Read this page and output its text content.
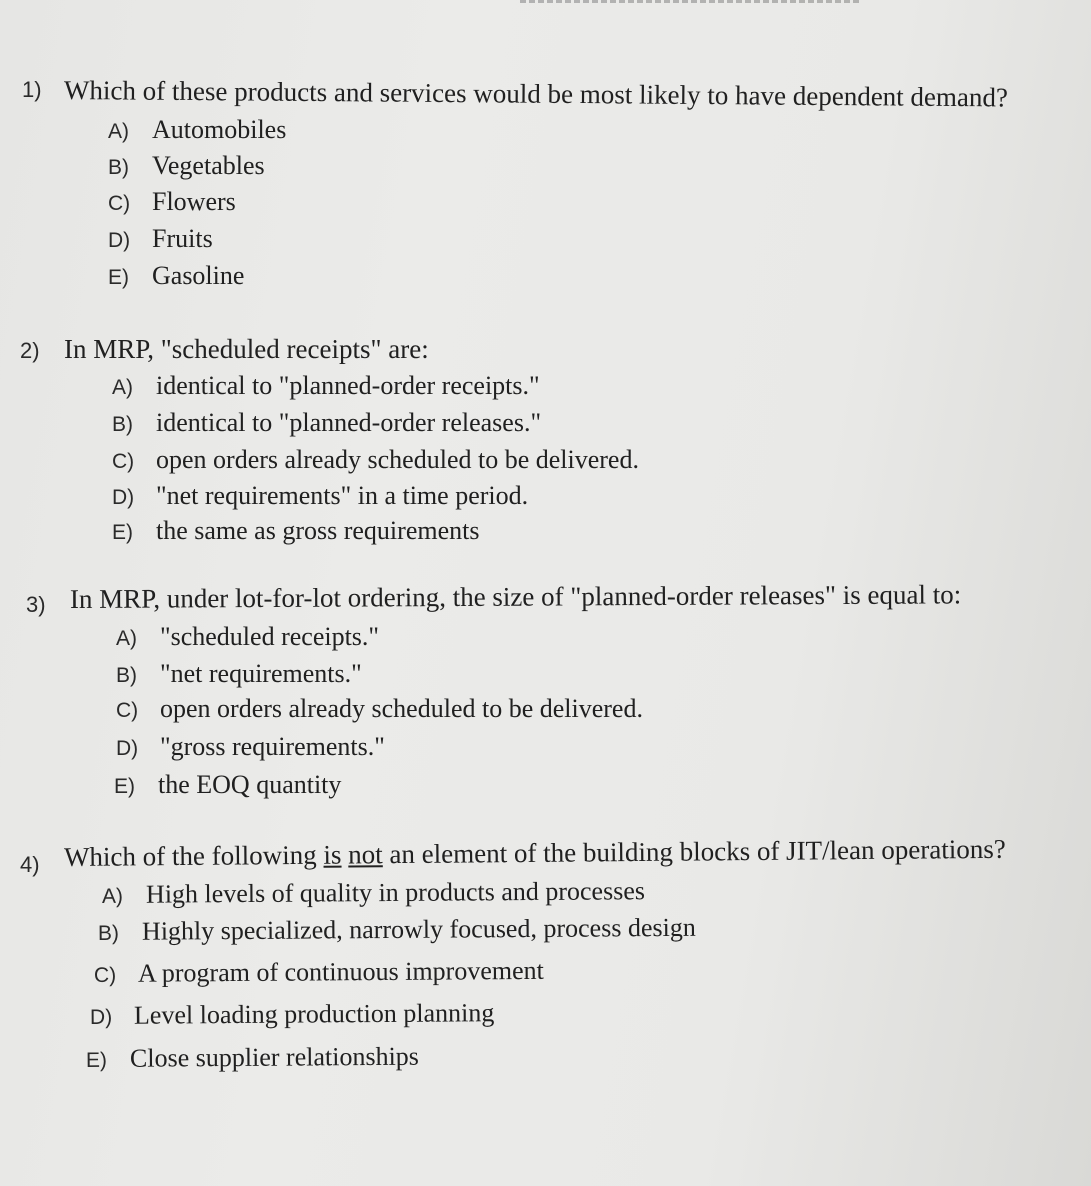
1) Which of these products and services would be most likely to have dependent demand?
A) Automobiles
B) Vegetables
C) Flowers
D) Fruits
E) Gasoline
2) In MRP, "scheduled receipts" are:
A) identical to "planned-order receipts."
B) identical to "planned-order releases."
C) open orders already scheduled to be delivered.
D) "net requirements" in a time period.
E) the same as gross requirements
3) In MRP, under lot-for-lot ordering, the size of "planned-order releases" is equal to:
A) "scheduled receipts."
B) "net requirements."
C) open orders already scheduled to be delivered.
D) "gross requirements."
E) the EOQ quantity
4) Which of the following is not an element of the building blocks of JIT/lean operations?
A) High levels of quality in products and processes
B) Highly specialized, narrowly focused, process design
C) A program of continuous improvement
D) Level loading production planning
E) Close supplier relationships
